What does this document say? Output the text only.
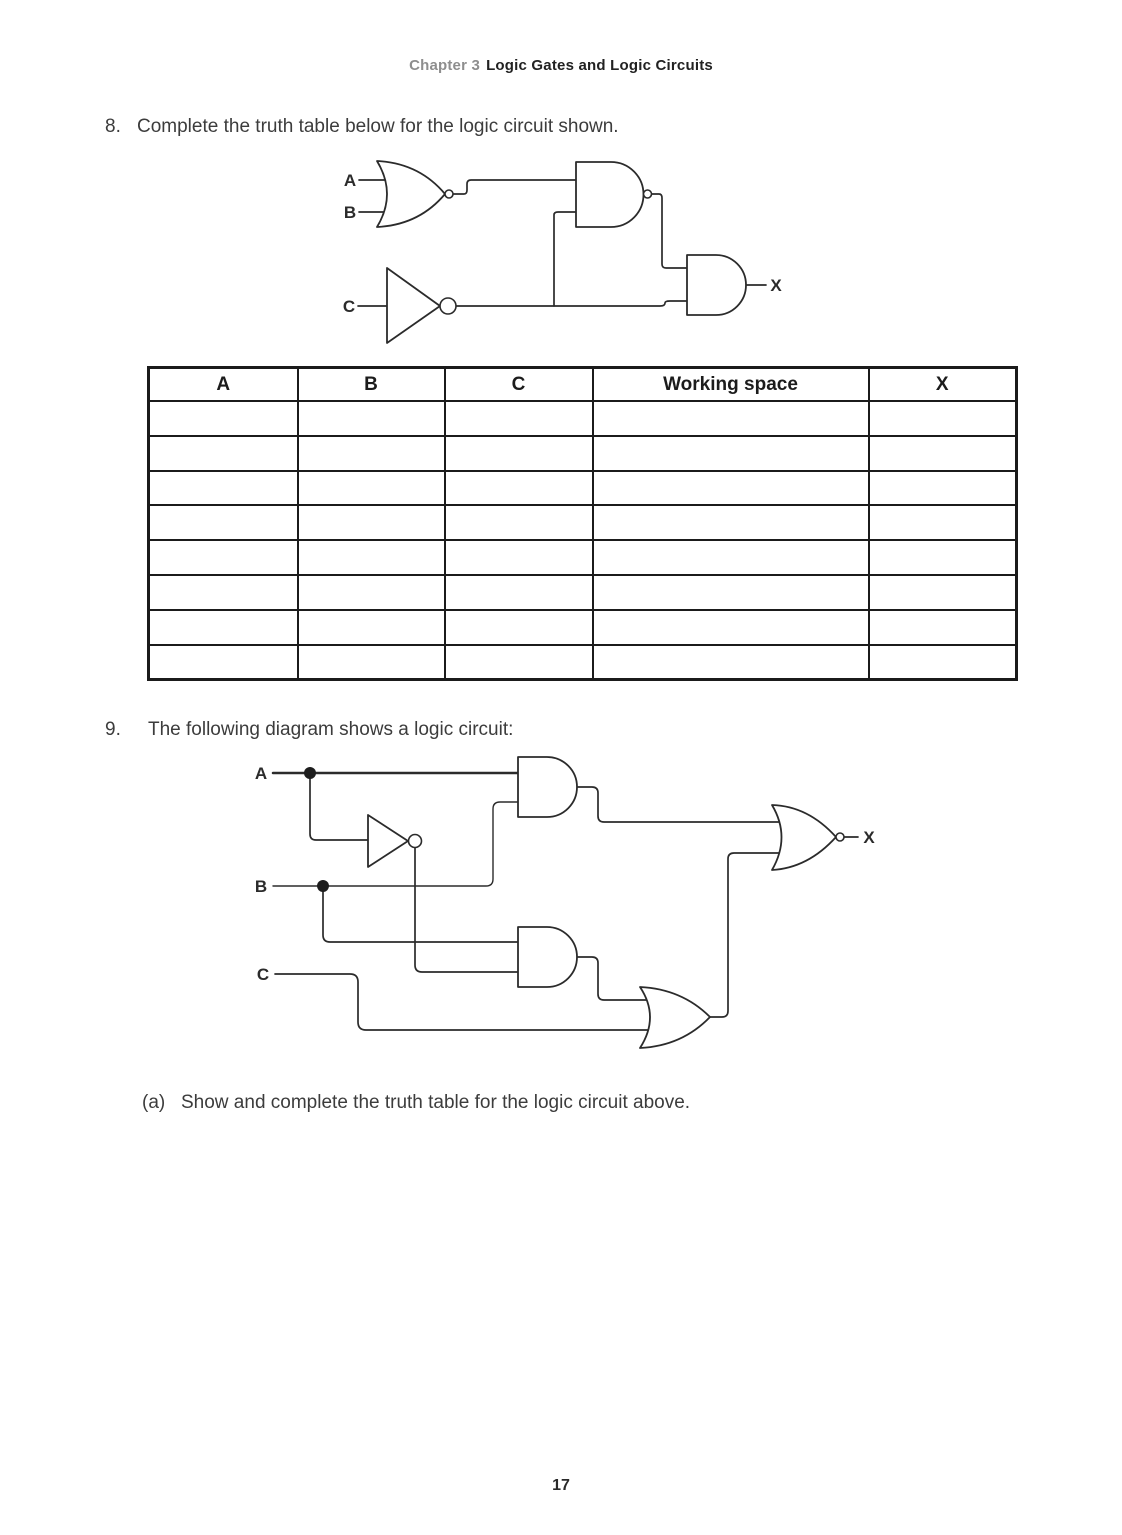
Chapter 3 Logic Gates and Logic Circuits
8. Complete the truth table below for the logic circuit shown.
A
B
C
X
A	B	C	Working space	X

9.	The following diagram shows a logic circuit:
A
B
C
X
(a) Show and complete the truth table for the logic circuit above.
17
